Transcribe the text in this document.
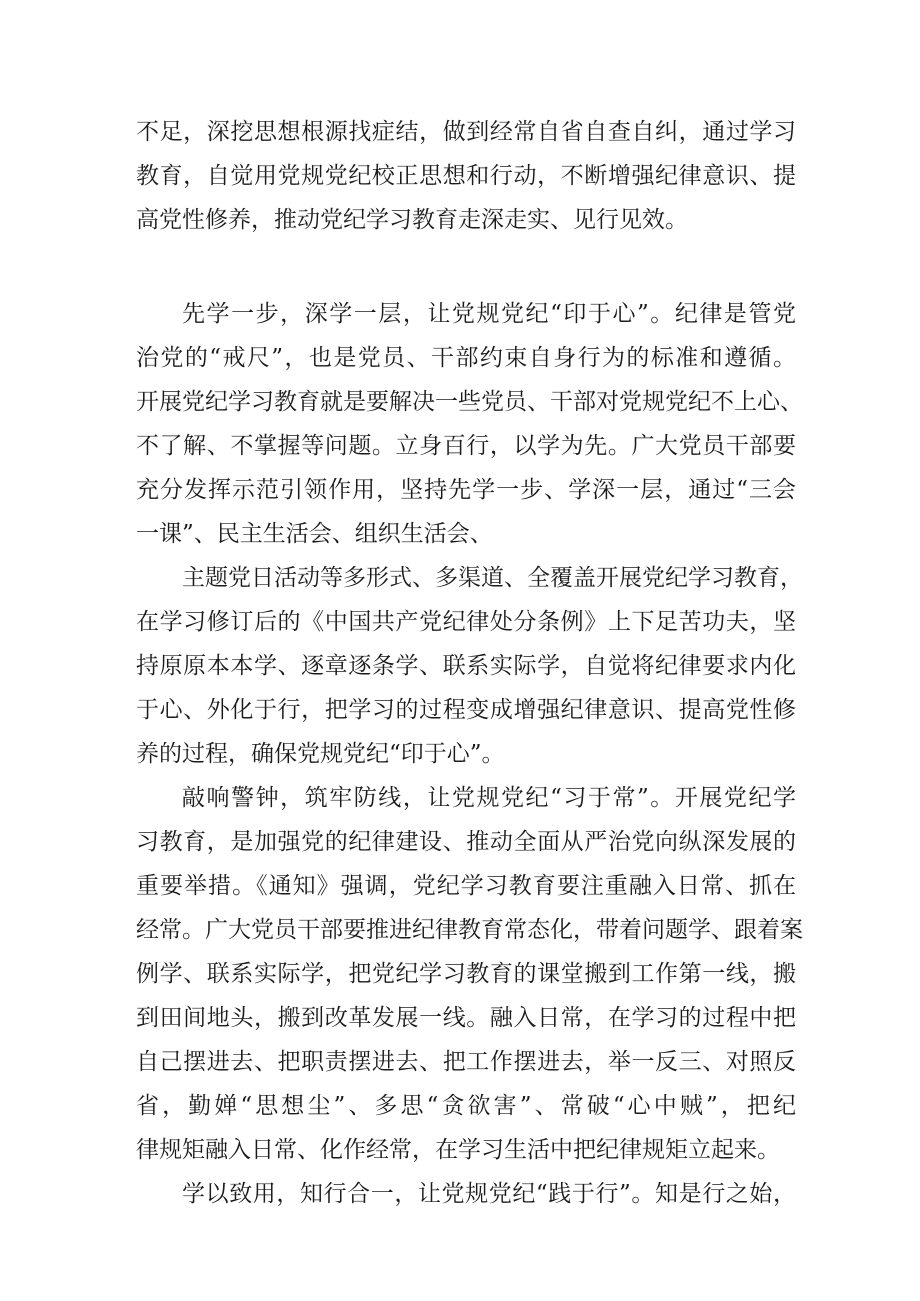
不足，深挖思想根源找症结，做到经常自省自查自纠，通过学习
教育，自觉用党规党纪校正思想和行动，不断增强纪律意识、提
高党性修养，推动党纪学习教育走深走实、见行见效。
先学一步，深学一层，让党规党纪“印于心”。纪律是管党
治党的“戒尺”，也是党员、干部约束自身行为的标准和遵循。
开展党纪学习教育就是要解决一些党员、干部对党规党纪不上心、
不了解、不掌握等问题。立身百行，以学为先。广大党员干部要
充分发挥示范引领作用，坚持先学一步、学深一层，通过“三会
一课”、民主生活会、组织生活会、
主题党日活动等多形式、多渠道、全覆盖开展党纪学习教育，
在学习修订后的《中国共产党纪律处分条例》上下足苦功夫，坚
持原原本本学、逐章逐条学、联系实际学，自觉将纪律要求内化
于心、外化于行，把学习的过程变成增强纪律意识、提高党性修
养的过程，确保党规党纪“印于心”。
敲响警钟，筑牢防线，让党规党纪“习于常”。开展党纪学
习教育，是加强党的纪律建设、推动全面从严治党向纵深发展的
重要举措。《通知》强调，党纪学习教育要注重融入日常、抓在
经常。广大党员干部要推进纪律教育常态化，带着问题学、跟着案
例学、联系实际学，把党纪学习教育的课堂搬到工作第一线，搬
到田间地头，搬到改革发展一线。融入日常，在学习的过程中把
自己摆进去、把职责摆进去、把工作摆进去，举一反三、对照反
省，勤婵“思想尘”、多思“贪欲害”、常破“心中贼”，把纪
律规矩融入日常、化作经常，在学习生活中把纪律规矩立起来。
学以致用，知行合一，让党规党纪“践于行”。知是行之始，
